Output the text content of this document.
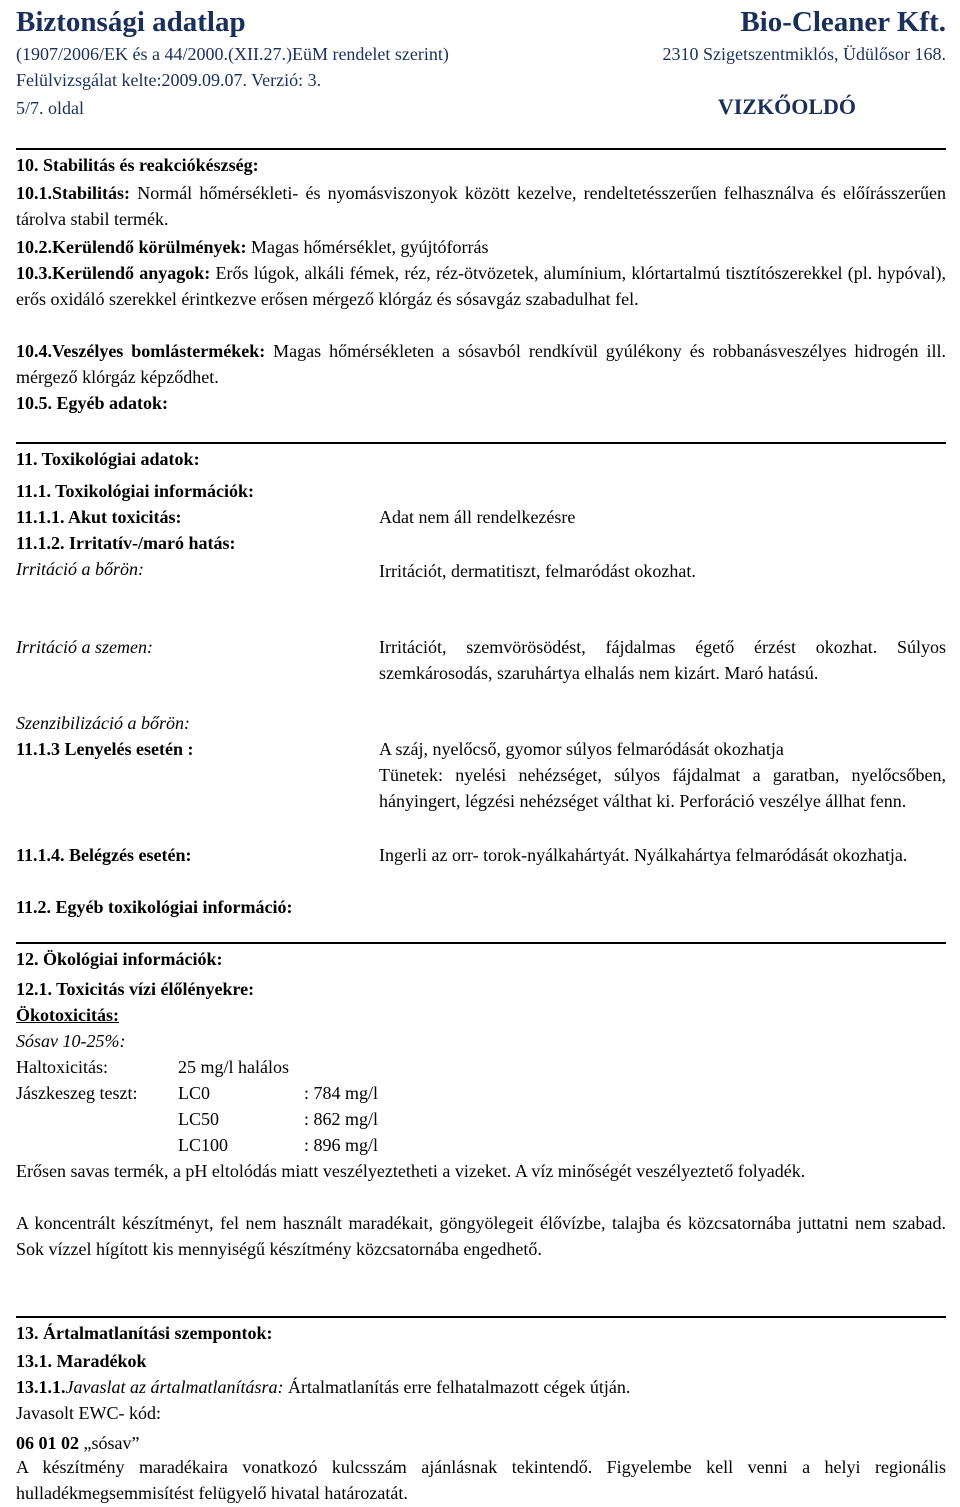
Biztonsági adatlap	Bio-Cleaner Kft.
(1907/2006/EK és a 44/2000.(XII.27.)EüM rendelet szerint)	2310 Szigetszentmiklós, Üdülősor 168.
Felülvizsgálat kelte:2009.09.07. Verzió: 3.
5/7. oldal	VIZKŐOLDÓ
10. Stabilitás és reakciókészség:
10.1.Stabilitás: Normál hőmérsékleti- és nyomásviszonyok között kezelve, rendeltetésszerűen felhasználva és előírásszerűen tárolva stabil termék.
10.2.Kerülendő körülmények: Magas hőmérséklet, gyújtóforrás
10.3.Kerülendő anyagok: Erős lúgok, alkáli fémek, réz, réz-ötvözetek, alumínium, klórtartalmú tisztítószerekkel (pl. hypóval), erős oxidáló szerekkel érintkezve erősen mérgező klórgáz és sósavgáz szabadulhat fel.
10.4.Veszélyes bomlástermékek: Magas hőmérsékleten a sósavból rendkívül gyúlékony és robbanásveszélyes hidrogén ill. mérgező klórgáz képződhet.
10.5. Egyéb adatok:
11. Toxikológiai adatok:
11.1. Toxikológiai információk:
11.1.1. Akut toxicitás:	Adat nem áll rendelkezésre
11.1.2. Irritatív-/maró hatás:
Irritáció a bőrön:	Irritációt, dermatitiszt, felmaródást okozhat.
Irritáció a szemen:	Irritációt, szemvörösödést, fájdalmas égető érzést okozhat. Súlyos szemkárosodás, szaruhártya elhalás nem kizárt. Maró hatású.
Szenzibilizáció a bőrön:
11.1.3 Lenyelés esetén :	A száj, nyelőcső, gyomor súlyos felmaródását okozhatja
Tünetek: nyelési nehézséget, súlyos fájdalmat a garatban, nyelőcsőben, hányingert, légzési nehézséget válthat ki. Perforáció veszélye állhat fenn.
11.1.4. Belégzés esetén:	Ingerli az orr- torok-nyálkahártyát. Nyálkahártya felmaródását okozhatja.
11.2. Egyéb toxikológiai információ:
12. Ökológiai információk:
12.1. Toxicitás vízi élőlényekre:
Ökotoxicitás:
Sósav 10-25%:
Haltoxicitás:	25 mg/l halálos
Jászkeszeg teszt:	LC0	: 784 mg/l
LC50	: 862 mg/l
LC100	: 896 mg/l
Erősen savas termék, a pH eltolódás miatt veszélyeztetheti a vizeket. A víz minőségét veszélyeztető folyadék.
A koncentrált készítményt, fel nem használt maradékait, göngyölegeit élővízbe, talajba és közcsatornába juttatni nem szabad. Sok vízzel hígított kis mennyiségű készítmény közcsatornába engedhető.
13. Ártalmatlanítási szempontok:
13.1. Maradékok
13.1.1.Javaslat az ártalmatlanításra: Ártalmatlanítás erre felhatalmazott cégek útján.
Javasolt EWC- kód:
06 01 02 „sósav”
A készítmény maradékaira vonatkozó kulcsszám ajánlásnak tekintendő. Figyelembe kell venni a helyi regionális hulladékmegsemmisítést felügyelő hivatal határozatát.
